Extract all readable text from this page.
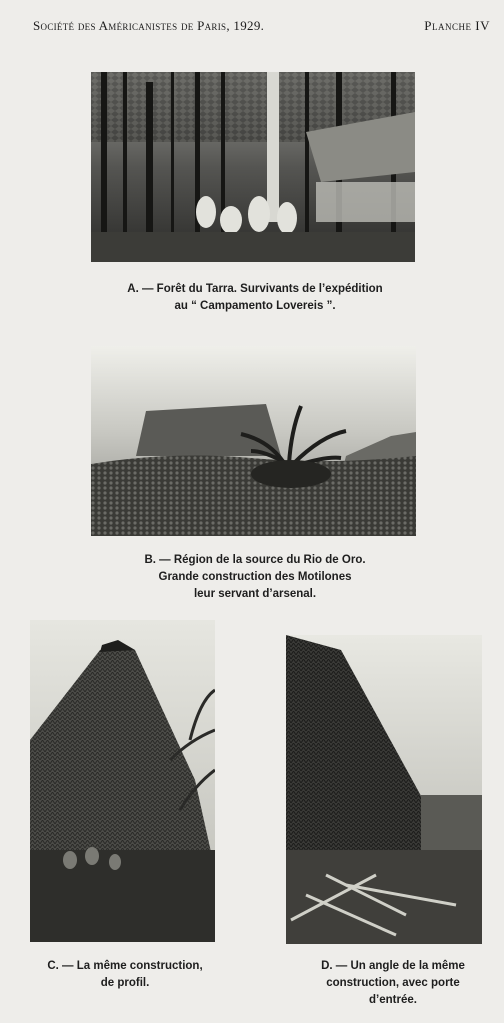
Société des Américanistes de Paris, 1929.	Planche IV
A. — Forêt du Tarra. Survivants de l’expédition
au “ Campamento Lovereis ”.
B. — Région de la source du Rio de Oro.
Grande construction des Motilones
leur servant d’arsenal.
C. — La même construction,
de profil.
D. — Un angle de la même
construction, avec porte
d’entrée.
